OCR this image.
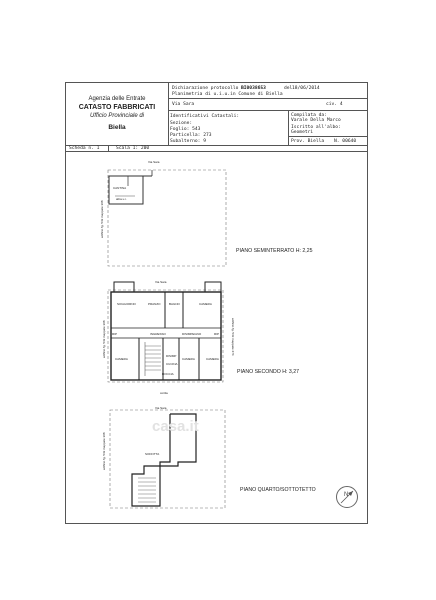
Agenzia delle Entrate
CATASTO FABBRICATI
Ufficio Provinciale di
Biella
Dichiarazione protocollo n.
BI0038653	del 18/06/2014
Planimetria di u.i.u.in Comune di Biella
Via Sara	civ. 4
Identificativi Catastali:
Sezione:
Foglio: 543
Particella: 273
Subalterno: 9
Compilata da:
Varale Della Marco
Iscritto all'albo:
Geometri
Prov. Biella N. 00640
Scheda n. 1	Scala 1: 200
Via Sara
CANTINA
altra u.i.
edificio fg. 543 mappale 308
PIANO SEMINTERRATO H: 2,25
Via Sara
SOGGIORNO	PRANZO	BAGNO	CAMERA
RIP	INGRESSO	DISIMPEGNO	RIP
CAMERA
DISIMP
CUCINA
CAMERA	CAMERA
DOCCIA
cortile
edificio fg. 543 mappale 308	edificio fg. 543 mappale 274
PIANO SECONDO H: 3,27
Via Sara
SOFFITTA
edificio fg. 543 mappale 308
PIANO QUARTO/SOTTOTETTO
casa.it
N
